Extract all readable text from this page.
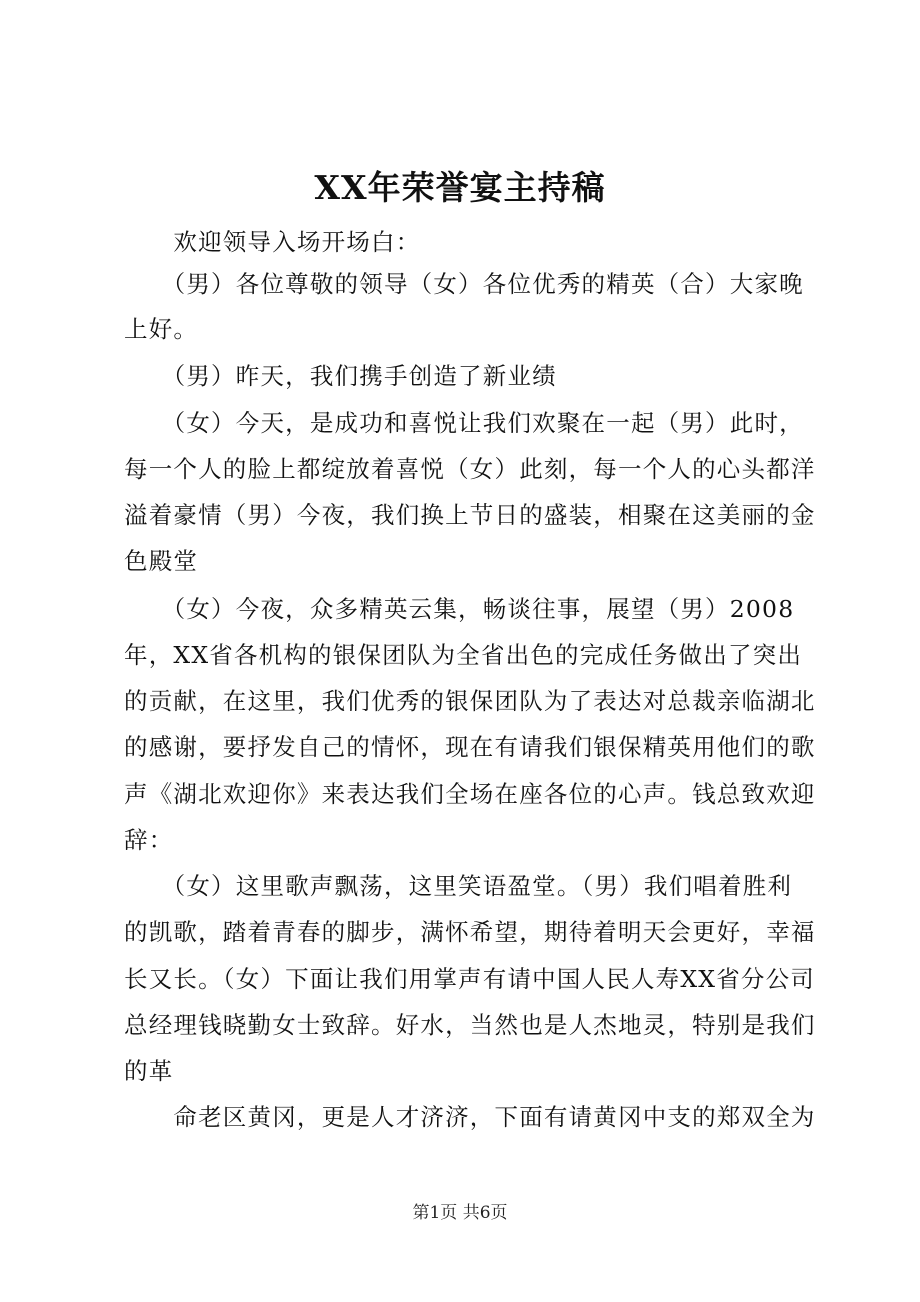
XX年荣誉宴主持稿
　　欢迎领导入场开场白：
　　（男）各位尊敬的领导（女）各位优秀的精英（合）大家晚
上好。
　　（男）昨天，我们携手创造了新业绩
　　（女）今天，是成功和喜悦让我们欢聚在一起（男）此时，
每一个人的脸上都绽放着喜悦（女）此刻，每一个人的心头都洋
溢着豪情（男）今夜，我们换上节日的盛装，相聚在这美丽的金
色殿堂
　　（女）今夜，众多精英云集，畅谈往事，展望（男）2008
年，XX省各机构的银保团队为全省出色的完成任务做出了突出
的贡献，在这里，我们优秀的银保团队为了表达对总裁亲临湖北
的感谢，要抒发自己的情怀，现在有请我们银保精英用他们的歌
声《湖北欢迎你》来表达我们全场在座各位的心声。钱总致欢迎
辞：
　　（女）这里歌声飘荡，这里笑语盈堂。（男）我们唱着胜利
的凯歌，踏着青春的脚步，满怀希望，期待着明天会更好，幸福
长又长。（女）下面让我们用掌声有请中国人民人寿XX省分公司
总经理钱晓勤女士致辞。好水，当然也是人杰地灵，特别是我们
的革
　　命老区黄冈，更是人才济济，下面有请黄冈中支的郑双全为
第1页 共6页
